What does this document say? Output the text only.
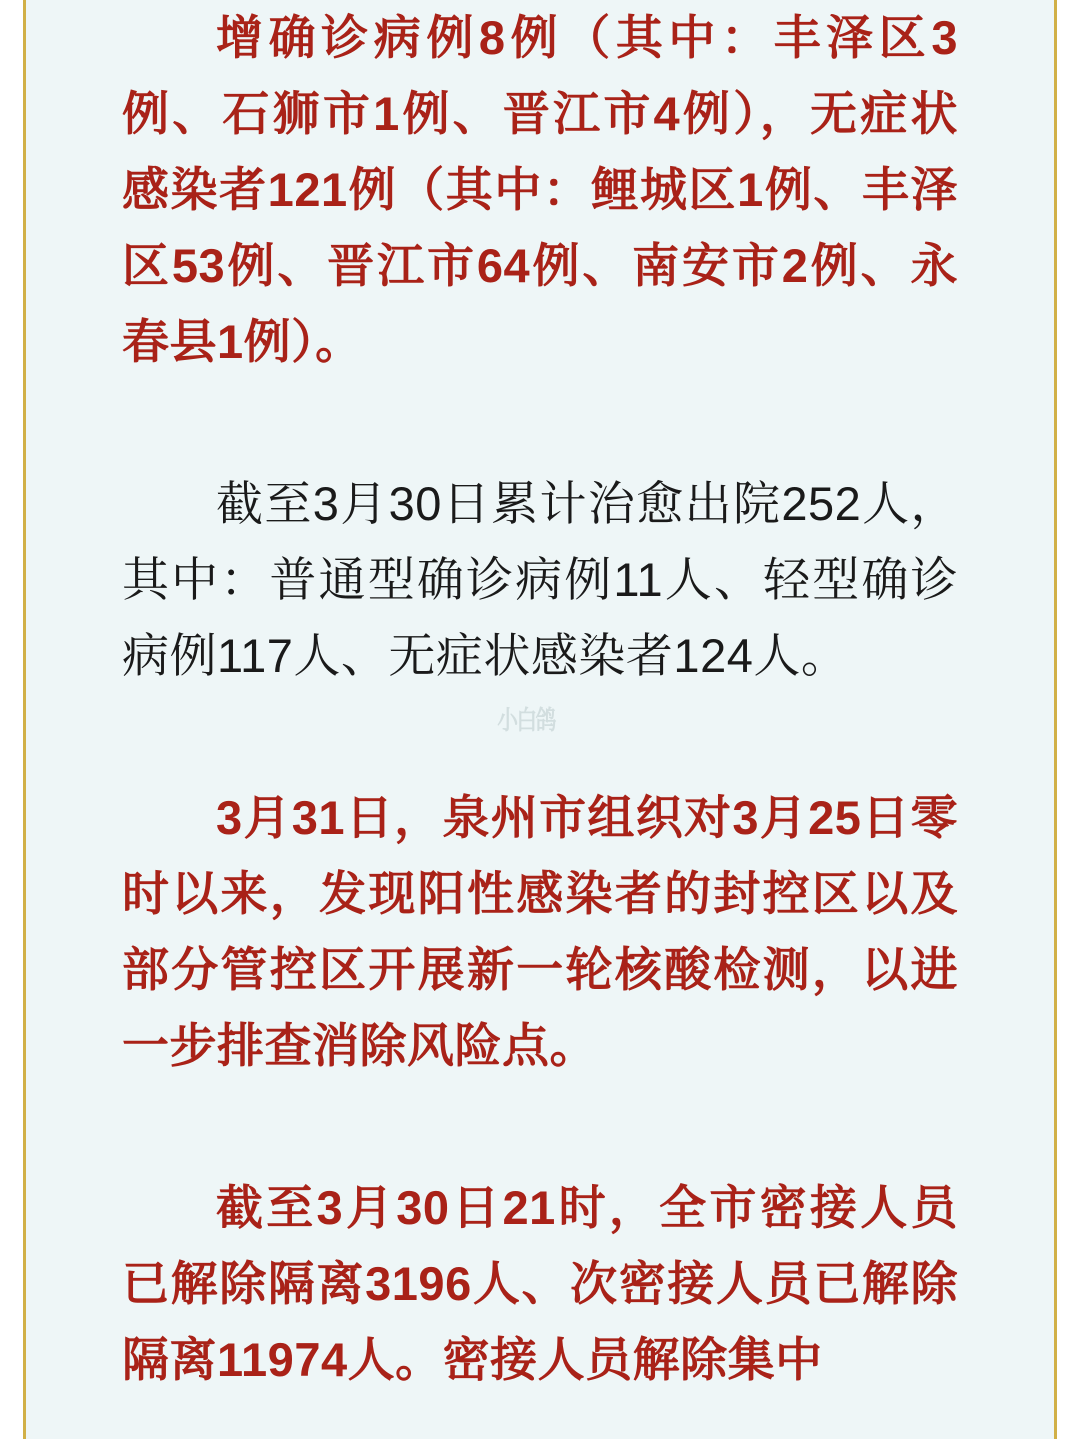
增确诊病例8例（其中：丰泽区3例、石狮市1例、晋江市4例），无症状感染者121例（其中：鲤城区1例、丰泽区53例、晋江市64例、南安市2例、永春县1例）。

截至3月30日累计治愈出院252人，其中：普通型确诊病例11人、轻型确诊病例117人、无症状感染者124人。

3月31日，泉州市组织对3月25日零时以来，发现阳性感染者的封控区以及部分管控区开展新一轮核酸检测，以进一步排查消除风险点。

截至3月30日21时，全市密接人员已解除隔离3196人、次密接人员已解除隔离11974人。密接人员解除集中

小白鸽
